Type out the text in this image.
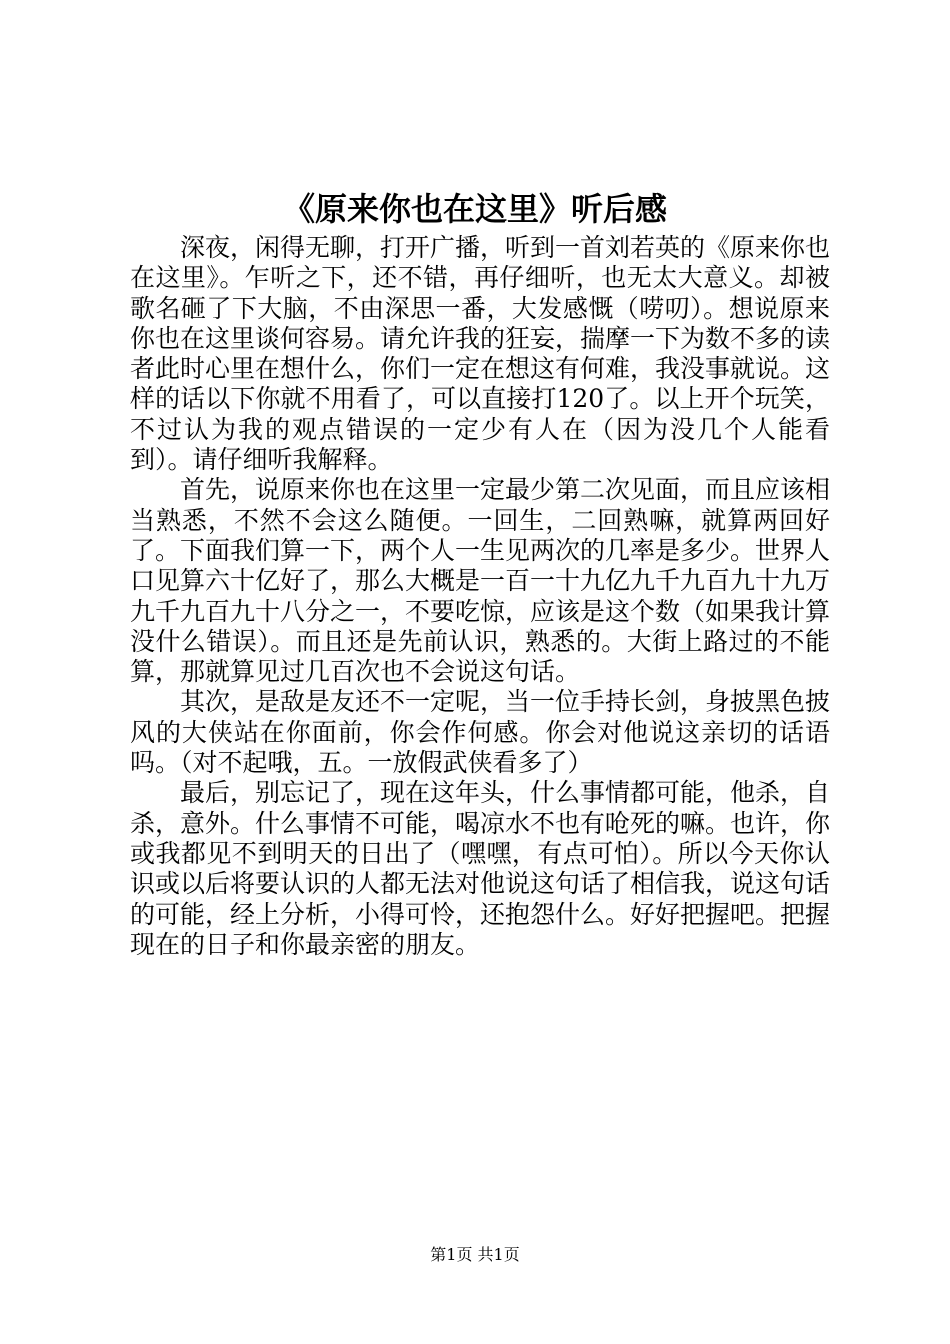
《原来你也在这里》听后感

深夜，闲得无聊，打开广播，听到一首刘若英的《原来你也在这里》。乍听之下，还不错，再仔细听，也无太大意义。却被歌名砸了下大脑，不由深思一番，大发感慨（唠叨）。想说原来你也在这里谈何容易。请允许我的狂妄，揣摩一下为数不多的读者此时心里在想什么，你们一定在想这有何难，我没事就说。这样的话以下你就不用看了，可以直接打120了。以上开个玩笑，不过认为我的观点错误的一定少有人在（因为没几个人能看到）。请仔细听我解释。

首先，说原来你也在这里一定最少第二次见面，而且应该相当熟悉，不然不会这么随便。一回生，二回熟嘛，就算两回好了。下面我们算一下，两个人一生见两次的几率是多少。世界人口见算六十亿好了，那么大概是一百一十九亿九千九百九十九万九千九百九十八分之一，不要吃惊，应该是这个数（如果我计算没什么错误）。而且还是先前认识，熟悉的。大街上路过的不能算，那就算见过几百次也不会说这句话。

其次，是敌是友还不一定呢，当一位手持长剑，身披黑色披风的大侠站在你面前，你会作何感。你会对他说这亲切的话语吗。（对不起哦，五。一放假武侠看多了）

最后，别忘记了，现在这年头，什么事情都可能，他杀，自杀，意外。什么事情不可能，喝凉水不也有呛死的嘛。也许，你或我都见不到明天的日出了（嘿嘿，有点可怕）。所以今天你认识或以后将要认识的人都无法对他说这句话了相信我，说这句话的可能，经上分析，小得可怜，还抱怨什么。好好把握吧。把握现在的日子和你最亲密的朋友。

第1页 共1页
